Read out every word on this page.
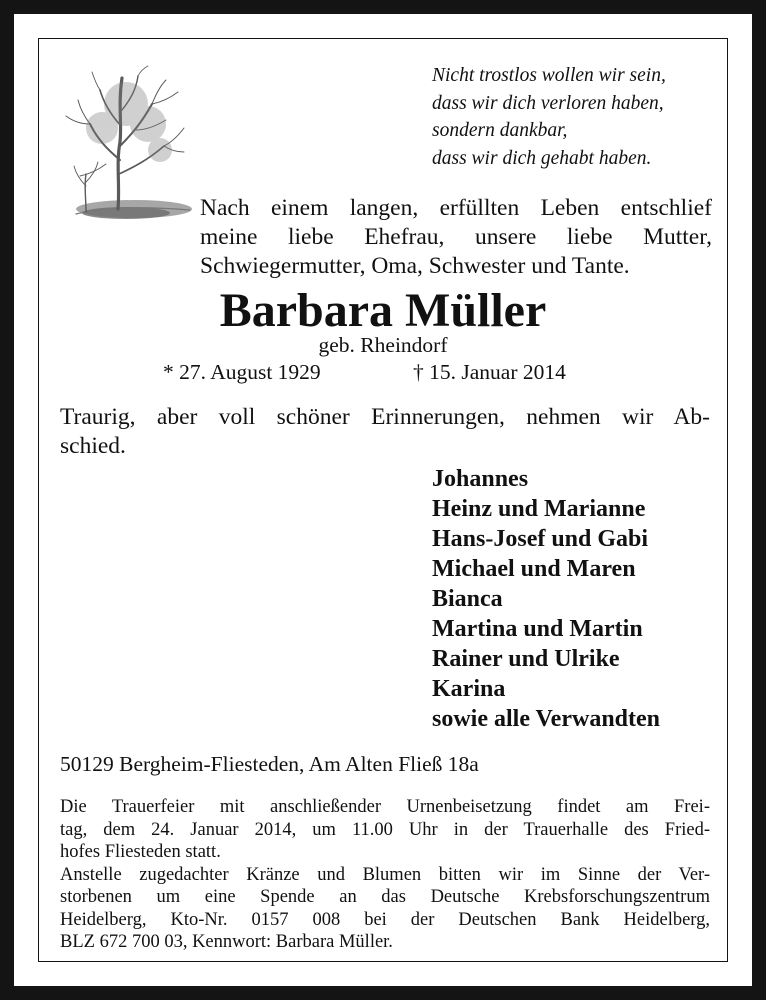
Nicht trostlos wollen wir sein,
dass wir dich verloren haben,
sondern dankbar,
dass wir dich gehabt haben.
Nach einem langen, erfüllten Leben entschlief
meine liebe Ehefrau, unsere liebe Mutter,
Schwiegermutter, Oma, Schwester und Tante.
Barbara Müller
geb. Rheindorf
* 27. August 1929	† 15. Januar 2014
Traurig, aber voll schöner Erinnerungen, nehmen wir Ab-
schied.
Johannes
Heinz und Marianne
Hans-Josef und Gabi
Michael und Maren
Bianca
Martina und Martin
Rainer und Ulrike
Karina
sowie alle Verwandten
50129 Bergheim-Fliesteden, Am Alten Fließ 18a
Die Trauerfeier mit anschließender Urnenbeisetzung findet am Frei-
tag, dem 24. Januar 2014, um 11.00 Uhr in der Trauerhalle des Fried-
hofes Fliesteden statt.
Anstelle zugedachter Kränze und Blumen bitten wir im Sinne der Ver-
storbenen um eine Spende an das Deutsche Krebsforschungszentrum
Heidelberg, Kto-Nr. 0157 008 bei der Deutschen Bank Heidelberg,
BLZ 672 700 03, Kennwort: Barbara Müller.
